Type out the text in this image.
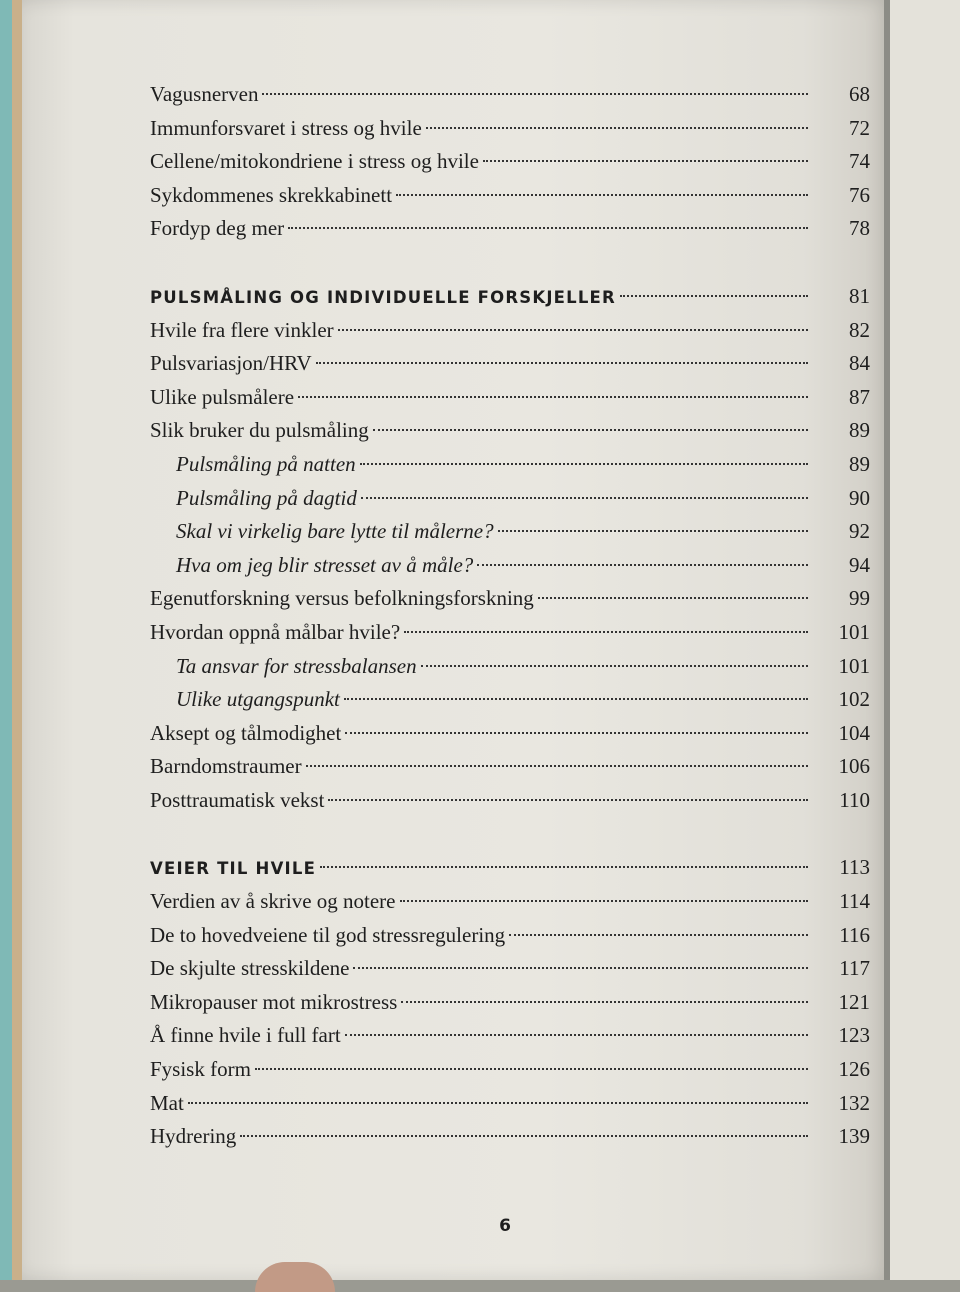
Vagusnerven	68
Immunforsvaret i stress og hvile	72
Cellene/mitokondriene i stress og hvile	74
Sykdommenes skrekkabinett	76
Fordyp deg mer	78
PULSMÅLING OG INDIVIDUELLE FORSKJELLER	81
Hvile fra flere vinkler	82
Pulsvariasjon/HRV	84
Ulike pulsmålere	87
Slik bruker du pulsmåling	89
Pulsmåling på natten	89
Pulsmåling på dagtid	90
Skal vi virkelig bare lytte til målerne?	92
Hva om jeg blir stresset av å måle?	94
Egenutforskning versus befolkningsforskning	99
Hvordan oppnå målbar hvile?	101
Ta ansvar for stressbalansen	101
Ulike utgangspunkt	102
Aksept og tålmodighet	104
Barndomstraumer	106
Posttraumatisk vekst	110
VEIER TIL HVILE	113
Verdien av å skrive og notere	114
De to hovedveiene til god stressregulering	116
De skjulte stresskildene	117
Mikropauser mot mikrostress	121
Å finne hvile i full fart	123
Fysisk form	126
Mat	132
Hydrering	139
6
